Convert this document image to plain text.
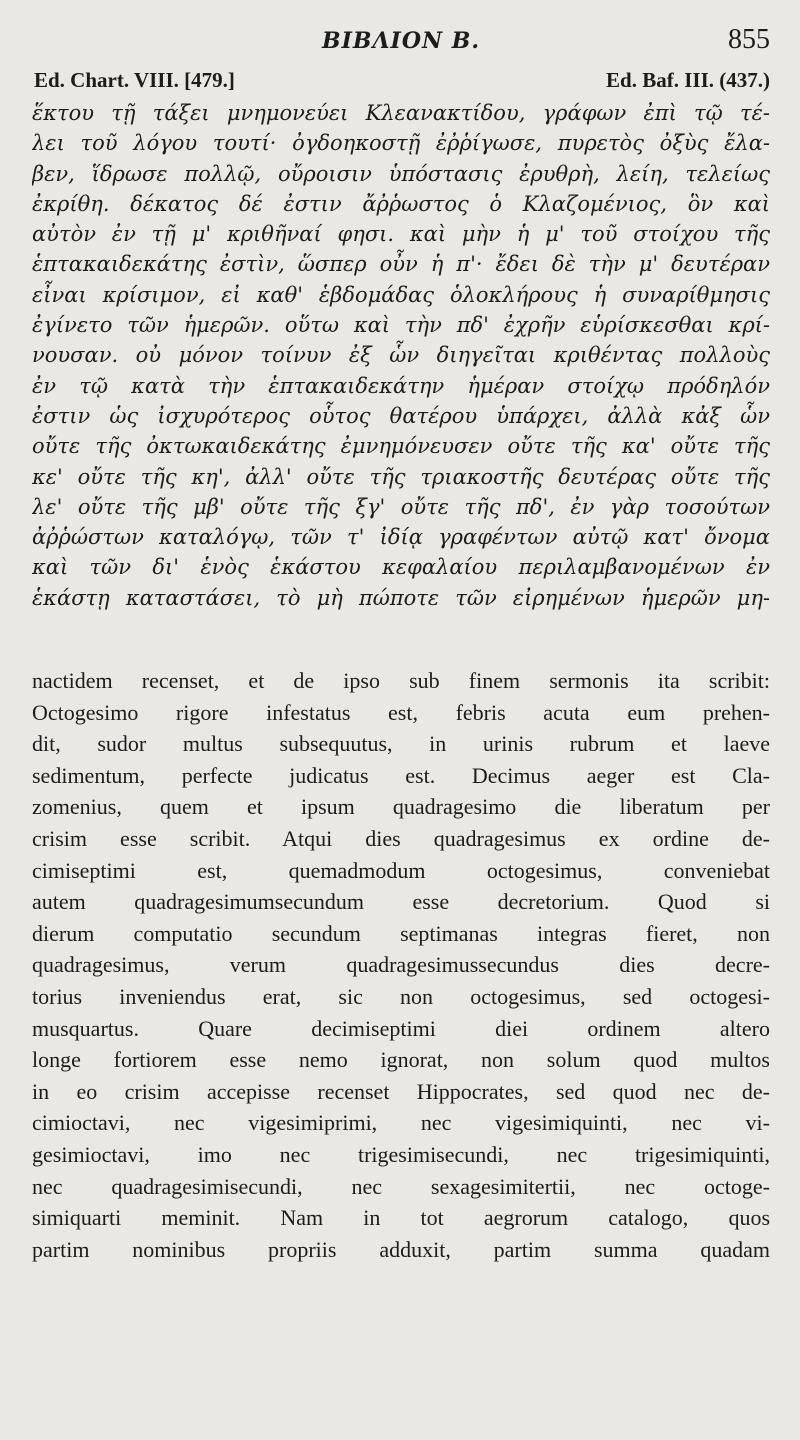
ΒΙΒΛΙΟΝ Β.	855
Ed. Chart. VIII. [479.]	Ed. Baf. III. (437.)
ἕκτου τῇ τάξει μνημονεύει Κλεανακτίδου, γράφων ἐπὶ τῷ τέ-
λει τοῦ λόγου τουτί· ὀγδοηκοστῇ ἐῤῥίγωσε, πυρετὸς ὀξὺς ἔλα-
βεν, ἵδρωσε πολλῷ, οὔροισιν ὑπόστασις ἐρυθρὴ, λείη, τελείως
ἐκρίθη. δέκατος δέ ἐστιν ἄῤῥωστος ὁ Κλαζομένιος, ὃν καὶ
αὐτὸν ἐν τῇ μ' κριθῆναί φησι. καὶ μὴν ἡ μ' τοῦ στοίχου τῆς
ἑπτακαιδεκάτης ἐστὶν, ὥσπερ οὖν ἡ π'· ἔδει δὲ τὴν μ' δευτέραν
εἶναι κρίσιμον, εἰ καθ' ἑβδομάδας ὁλοκλήρους ἡ συναρίθμησις
ἐγίνετο τῶν ἡμερῶν. οὕτω καὶ τὴν πδ' ἐχρῆν εὑρίσκεσθαι κρί-
νουσαν. οὐ μόνον τοίνυν ἐξ ὧν διηγεῖται κριθέντας πολλοὺς
ἐν τῷ κατὰ τὴν ἑπτακαιδεκάτην ἡμέραν στοίχῳ πρόδηλόν
ἐστιν ὡς ἰσχυρότερος οὗτος θατέρου ὑπάρχει, ἀλλὰ κἀξ ὧν
οὔτε τῆς ὀκτωκαιδεκάτης ἐμνημόνευσεν οὔτε τῆς κα' οὔτε τῆς
κε' οὔτε τῆς κη', ἀλλ' οὔτε τῆς τριακοστῆς δευτέρας οὔτε τῆς
λε' οὔτε τῆς μβ' οὔτε τῆς ξγ' οὔτε τῆς πδ', ἐν γὰρ τοσούτων
ἀῤῥώστων καταλόγῳ, τῶν τ' ἰδίᾳ γραφέντων αὐτῷ κατ' ὄνομα
καὶ τῶν δι' ἑνὸς ἑκάστου κεφαλαίου περιλαμβανομένων ἐν
ἑκάστῃ καταστάσει, τὸ μὴ πώποτε τῶν εἰρημένων ἡμερῶν μη-
nactidem recenset, et de ipso sub finem sermonis ita scribit:
Octogesimo rigore infestatus est, febris acuta eum prehen-
dit, sudor multus subsequutus, in urinis rubrum et laeve
sedimentum, perfecte judicatus est. Decimus aeger est Cla-
zomenius, quem et ipsum quadragesimo die liberatum per
crisim esse scribit. Atqui dies quadragesimus ex ordine de-
cimiseptimi est, quemadmodum octogesimus, conveniebat
autem quadragesimumsecundum esse decretorium. Quod si
dierum computatio secundum septimanas integras fieret, non
quadragesimus, verum quadragesimussecundus dies decre-
torius inveniendus erat, sic non octogesimus, sed octogesi-
musquartus. Quare decimiseptimi diei ordinem altero
longe fortiorem esse nemo ignorat, non solum quod multos
in eo crisim accepisse recenset Hippocrates, sed quod nec de-
cimioctavi, nec vigesimiprimi, nec vigesimiquinti, nec vi-
gesimioctavi, imo nec trigesimisecundi, nec trigesimiquinti,
nec quadragesimisecundi, nec sexagesimitertii, nec octoge-
simiquarti meminit. Nam in tot aegrorum catalogo, quos
partim nominibus propriis adduxit, partim summa quadam
